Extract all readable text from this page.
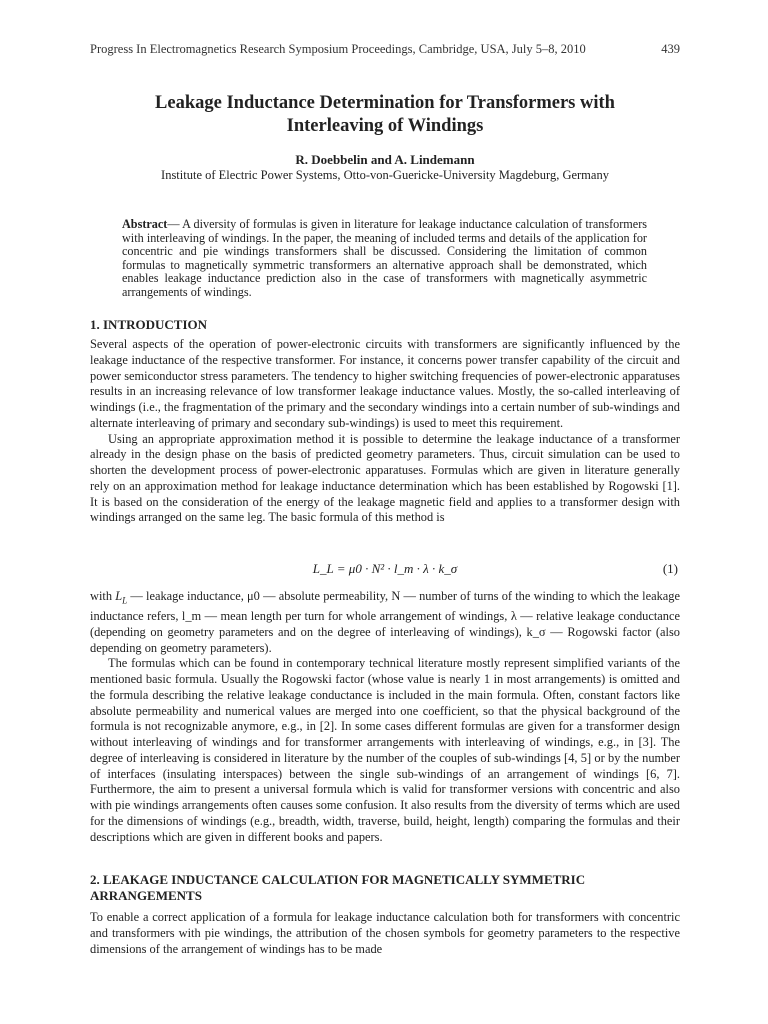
Progress In Electromagnetics Research Symposium Proceedings, Cambridge, USA, July 5–8, 2010	439
Leakage Inductance Determination for Transformers with
Interleaving of Windings
R. Doebbelin and A. Lindemann
Institute of Electric Power Systems, Otto-von-Guericke-University Magdeburg, Germany
Abstract— A diversity of formulas is given in literature for leakage inductance calculation of transformers with interleaving of windings. In the paper, the meaning of included terms and details of the application for concentric and pie windings transformers shall be discussed. Considering the limitation of common formulas to magnetically symmetric transformers an alternative approach shall be demonstrated, which enables leakage inductance prediction also in the case of transformers with magnetically asymmetric arrangements of windings.
1. INTRODUCTION

Several aspects of the operation of power-electronic circuits with transformers are significantly influenced by the leakage inductance of the respective transformer. For instance, it concerns power transfer capability of the circuit and power semiconductor stress parameters. The tendency to higher switching frequencies of power-electronic apparatuses results in an increasing relevance of low transformer leakage inductance values. Mostly, the so-called interleaving of windings (i.e., the fragmentation of the primary and the secondary windings into a certain number of sub-windings and alternate interleaving of primary and secondary sub-windings) is used to meet this requirement.

Using an appropriate approximation method it is possible to determine the leakage inductance of a transformer already in the design phase on the basis of predicted geometry parameters. Thus, circuit simulation can be used to shorten the development process of power-electronic apparatuses. Formulas which are given in literature generally rely on an approximation method for leakage inductance determination which has been established by Rogowski [1]. It is based on the consideration of the energy of the leakage magnetic field and applies to a transformer design with windings arranged on the same leg. The basic formula of this method is

L_L = μ0 · N² · l_m · λ · k_σ	(1)

with $L_L$ — leakage inductance, μ0 — absolute permeability, N — number of turns of the winding to which the leakage inductance refers, l_m — mean length per turn for whole arrangement of windings, λ — relative leakage conductance (depending on geometry parameters and on the degree of interleaving of windings), k_σ — Rogowski factor (also depending on geometry parameters).

The formulas which can be found in contemporary technical literature mostly represent simplified variants of the mentioned basic formula. Usually the Rogowski factor (whose value is nearly 1 in most arrangements) is omitted and the formula describing the relative leakage conductance is included in the main formula. Often, constant factors like absolute permeability and numerical values are merged into one coefficient, so that the physical background of the formula is not recognizable anymore, e.g., in [2]. In some cases different formulas are given for a transformer design without interleaving of windings and for transformer arrangements with interleaving of windings, e.g., in [3]. The degree of interleaving is considered in literature by the number of the couples of sub-windings [4, 5] or by the number of interfaces (insulating interspaces) between the single sub-windings of an arrangement of windings [6, 7]. Furthermore, the aim to present a universal formula which is valid for transformer versions with concentric and also with pie windings arrangements often causes some confusion. It also results from the diversity of terms which are used for the dimensions of windings (e.g., breadth, width, traverse, build, height, length) comparing the formulas and their descriptions which are given in different books and papers.

2. LEAKAGE INDUCTANCE CALCULATION FOR MAGNETICALLY SYMMETRIC ARRANGEMENTS

To enable a correct application of a formula for leakage inductance calculation both for transformers with concentric and transformers with pie windings, the attribution of the chosen symbols for geometry parameters to the respective dimensions of the arrangement of windings has to be made
